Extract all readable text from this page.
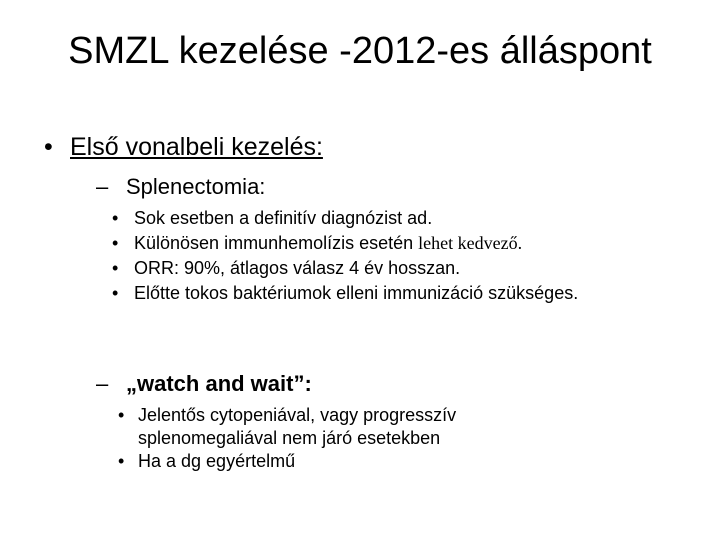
SMZL kezelése -2012-es álláspont
• Első vonalbeli kezelés:
– Splenectomia:
• Sok esetben a definitív diagnózist ad.
• Különösen immunhemolízis esetén lehet kedvező.
• ORR: 90%, átlagos válasz 4 év hosszan.
• Előtte tokos baktériumok elleni immunizáció szükséges.
– „watch and wait”:
• Jelentős cytopeniával, vagy progresszív splenomegaliával nem járó esetekben
• Ha a dg egyértelmű
